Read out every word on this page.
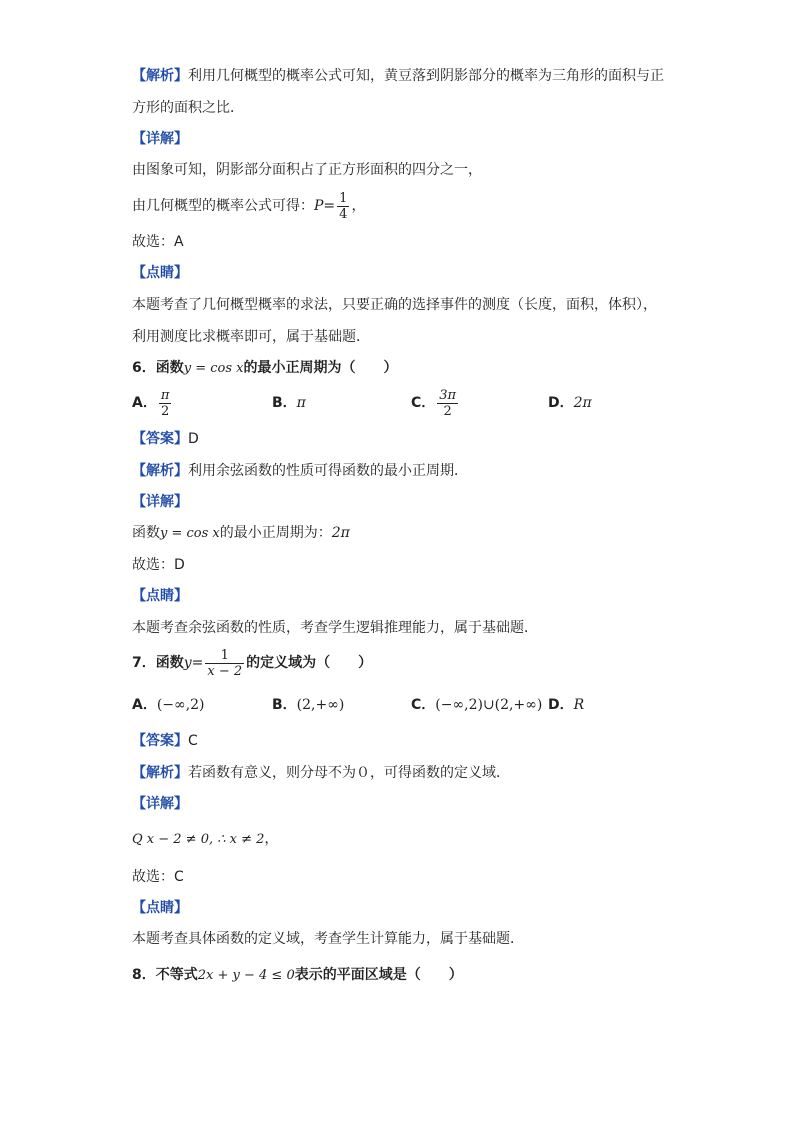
【解析】利用几何概型的概率公式可知，黄豆落到阴影部分的概率为三角形的面积与正
方形的面积之比．
【详解】
由图象可知，阴影部分面积占了正方形面积的四分之一，
由几何概型的概率公式可得：$P= \frac{1}{4}$ ，
故选：A
【点睛】
本题考查了几何概型概率的求法，只要正确的选择事件的测度（长度，面积，体积），
利用测度比求概率即可，属于基础题．
6．函数y = cos x的最小正周期为（　　）
A． $\frac{\pi}{2}$	B．π	C． $\frac{3\pi}{2}$	D．2π
【答案】D
【解析】利用余弦函数的性质可得函数的最小正周期．
【详解】
函数y = cos x的最小正周期为：2π
故选：D
【点睛】
本题考查余弦函数的性质，考查学生逻辑推理能力，属于基础题．
7．函数$y= \frac{1}{x - 2}$ 的定义域为（　　）
A．(−∞,2)	B．(2,+∞)	C．(−∞,2)∪(2,+∞) D．R
【答案】C
【解析】若函数有意义，则分母不为０，可得函数的定义域．
【详解】
Q x − 2 ≠ 0, ∴ x ≠ 2，
故选：C
【点睛】
本题考查具体函数的定义域，考查学生计算能力，属于基础题．
8．不等式2x + y − 4 ≤ 0表示的平面区域是（　　）
